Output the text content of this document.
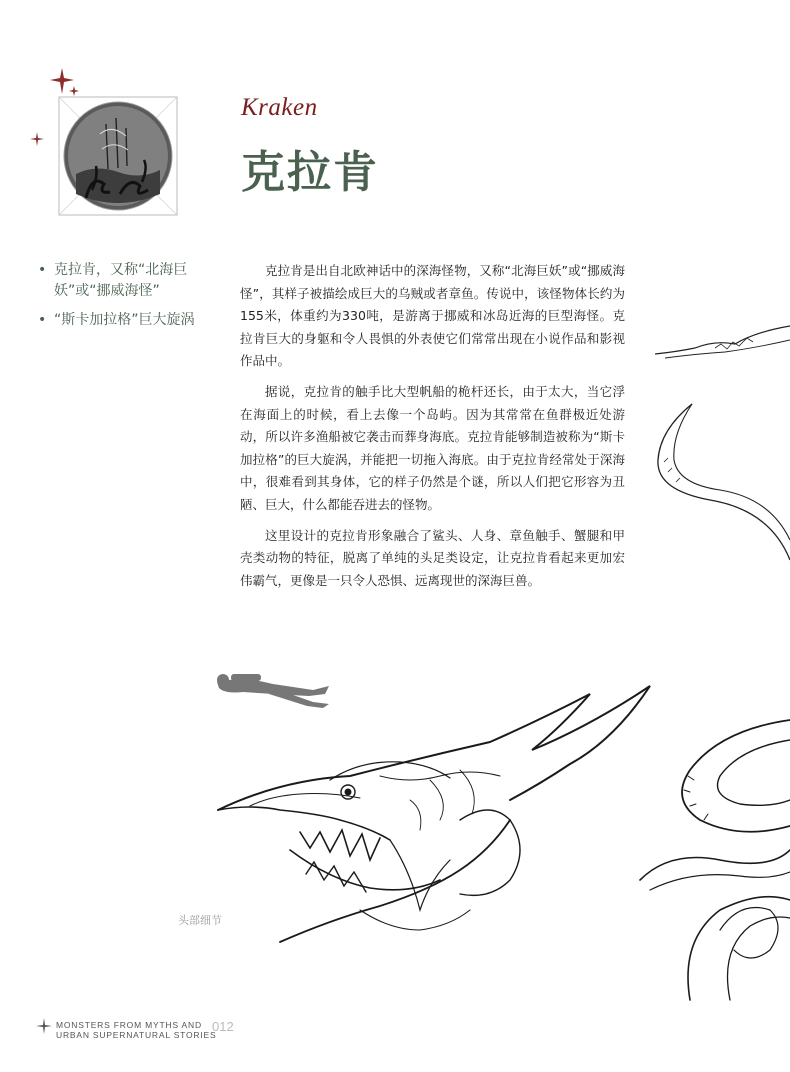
Kraken
克拉肯
• 克拉肯，又称“北海巨妖”或“挪威海怪”
• “斯卡加拉格”巨大旋涡

克拉肯是出自北欧神话中的深海怪物，又称“北海巨妖”或“挪威海怪”，其样子被描绘成巨大的乌贼或者章鱼。传说中，该怪物体长约为155米，体重约为330吨，是游离于挪威和冰岛近海的巨型海怪。克拉肯巨大的身躯和令人畏惧的外表使它们常常出现在小说作品和影视作品中。

据说，克拉肯的触手比大型帆船的桅杆还长，由于太大，当它浮在海面上的时候，看上去像一个岛屿。因为其常常在鱼群极近处游动，所以许多渔船被它袭击而葬身海底。克拉肯能够制造被称为“斯卡加拉格”的巨大旋涡，并能把一切拖入海底。由于克拉肯经常处于深海中，很难看到其身体，它的样子仍然是个谜，所以人们把它形容为丑陋、巨大，什么都能吞进去的怪物。

这里设计的克拉肯形象融合了鲨头、人身、章鱼触手、蟹腿和甲壳类动物的特征，脱离了单纯的头足类设定，让克拉肯看起来更加宏伟霸气，更像是一只令人恐惧、远离现世的深海巨兽。

头部细节
MONSTERS FROM MYTHS AND
URBAN SUPERNATURAL STORIES
012
